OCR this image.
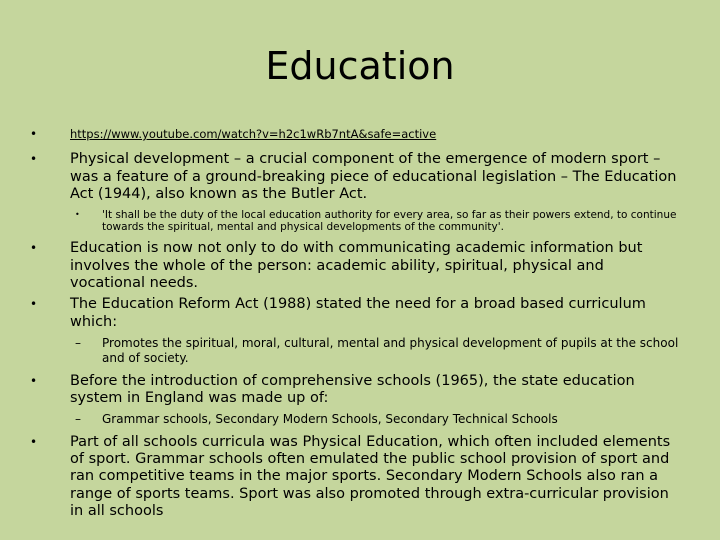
Education
•	https://www.youtube.com/watch?v=h2c1wRb7ntA&safe=active
• Physical development – a crucial component of the emergence of modern sport – was a feature of a ground-breaking piece of educational legislation – The Education Act (1944), also known as the Butler Act.
• 'It shall be the duty of the local education authority for every area, so far as their powers extend, to continue towards the spiritual, mental and physical developments of the community'.
• Education is now not only to do with communicating academic information but involves the whole of the person: academic ability, spiritual, physical and vocational needs.
• The Education Reform Act (1988) stated the need for a broad based curriculum which:
– Promotes the spiritual, moral, cultural, mental and physical development of pupils at the school and of society.
• Before the introduction of comprehensive schools (1965), the state education system in England was made up of:
– Grammar schools, Secondary Modern Schools, Secondary Technical Schools
• Part of all schools curricula was Physical Education, which often included elements of sport. Grammar schools often emulated the public school provision of sport and ran competitive teams in the major sports. Secondary Modern Schools also ran a range of sports teams. Sport was also promoted through extra-curricular provision in all schools
